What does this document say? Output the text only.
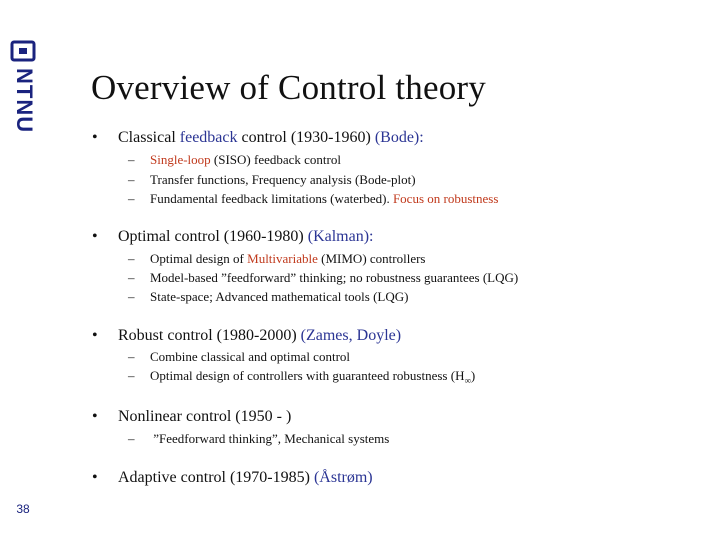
NTNU
38
Overview of Control theory
• Classical feedback control (1930-1960) (Bode):
– Single-loop (SISO) feedback control
– Transfer functions, Frequency analysis (Bode-plot)
– Fundamental feedback limitations (waterbed). Focus on robustness
• Optimal control (1960-1980) (Kalman):
– Optimal design of Multivariable (MIMO) controllers
– Model-based ”feedforward” thinking; no robustness guarantees (LQG)
– State-space; Advanced mathematical tools (LQG)
• Robust control (1980-2000) (Zames, Doyle)
– Combine classical and optimal control
– Optimal design of controllers with guaranteed robustness $(H_\infty)$
• Nonlinear control (1950 - )
– ”Feedforward thinking”, Mechanical systems
• Adaptive control (1970-1985) (Åstrøm)
